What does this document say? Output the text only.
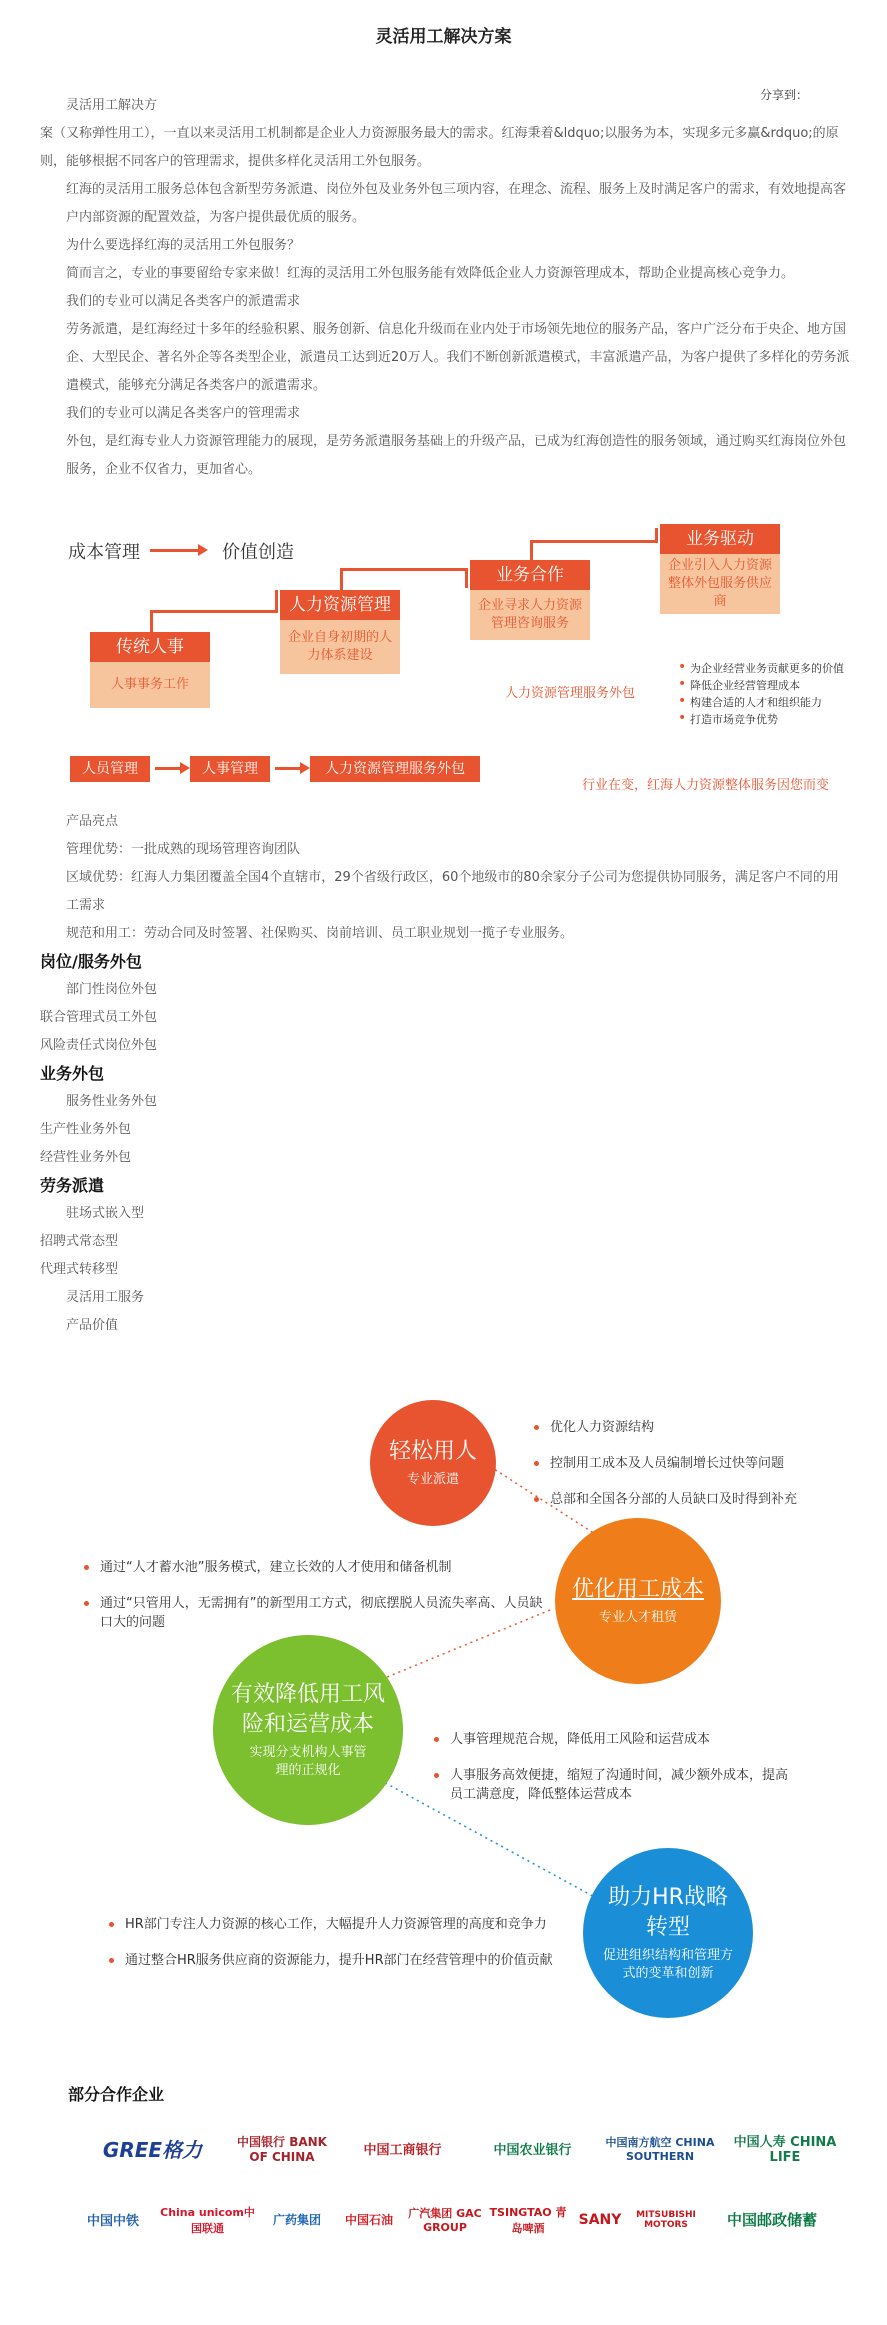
灵活用工解决方案
分享到：

灵活用工解决方

案（又称弹性用工），一直以来灵活用工机制都是企业人力资源服务最大的需求。红海秉着&ldquo;以服务为本，实现多元多赢&rdquo;的原则，能够根据不同客户的管理需求，提供多样化灵活用工外包服务。

红海的灵活用工服务总体包含新型劳务派遣、岗位外包及业务外包三项内容，在理念、流程、服务上及时满足客户的需求，有效地提高客户内部资源的配置效益，为客户提供最优质的服务。

为什么要选择红海的灵活用工外包服务？

简而言之，专业的事要留给专家来做！红海的灵活用工外包服务能有效降低企业人力资源管理成本，帮助企业提高核心竞争力。

我们的专业可以满足各类客户的派遣需求

劳务派遣，是红海经过十多年的经验积累、服务创新、信息化升级而在业内处于市场领先地位的服务产品，客户广泛分布于央企、地方国企、大型民企、著名外企等各类型企业，派遣员工达到近20万人。我们不断创新派遣模式，丰富派遣产品，为客户提供了多样化的劳务派遣模式，能够充分满足各类客户的派遣需求。

我们的专业可以满足各类客户的管理需求

外包，是红海专业人力资源管理能力的展现，是劳务派遣服务基础上的升级产品，已成为红海创造性的服务领域，通过购买红海岗位外包服务，企业不仅省力，更加省心。

成本管理	价值创造
传统人事
人事事务工作
人力资源管理
企业自身初期的人力体系建设
业务合作
企业寻求人力资源管理咨询服务
业务驱动
企业引入人力资源整体外包服务供应商
人力资源管理服务外包
• 为企业经营业务贡献更多的价值
• 降低企业经营管理成本
• 构建合适的人才和组织能力
• 打造市场竞争优势
人员管理	人事管理	人力资源管理服务外包
行业在变，红海人力资源整体服务因您而变

产品亮点

管理优势：一批成熟的现场管理咨询团队

区域优势：红海人力集团覆盖全国4个直辖市，29个省级行政区，60个地级市的80余家分子公司为您提供协同服务，满足客户不同的用工需求

规范和用工：劳动合同及时签署、社保购买、岗前培训、员工职业规划一揽子专业服务。

岗位/服务外包
部门性岗位外包
联合管理式员工外包
风险责任式岗位外包
业务外包
服务性业务外包
生产性业务外包
经营性业务外包
劳务派遣
驻场式嵌入型
招聘式常态型
代理式转移型
灵活用工服务
产品价值
轻松用人
专业派遣
优化人力资源结构
控制用工成本及人员编制增长过快等问题
总部和全国各分部的人员缺口及时得到补充
优化用工成本
专业人才租赁
通过“人才蓄水池”服务模式，建立长效的人才使用和储备机制
通过“只管用人，无需拥有”的新型用工方式，彻底摆脱人员流失率高、人员缺口大的问题
有效降低用工风险和运营成本
实现分支机构人事管理的正规化
人事管理规范合规，降低用工风险和运营成本
人事服务高效便捷，缩短了沟通时间，减少额外成本，提高员工满意度，降低整体运营成本
助力HR战略转型
促进组织结构和管理方式的变革和创新
HR部门专注人力资源的核心工作，大幅提升人力资源管理的高度和竞争力
通过整合HR服务供应商的资源能力，提升HR部门在经营管理中的价值贡献
部分合作企业
GREE格力	中国银行 BANK OF CHINA	中国工商银行	中国农业银行
中国南方航空 CHINA SOUTHERN
中国人寿 CHINA LIFE
中国中铁
China unicom中国联通
广药集团	中国石油	广汽集团 GAC GROUP
TSINGTAO 青岛啤酒
SANY	MITSUBISHI MOTORS	中国邮政储蓄
